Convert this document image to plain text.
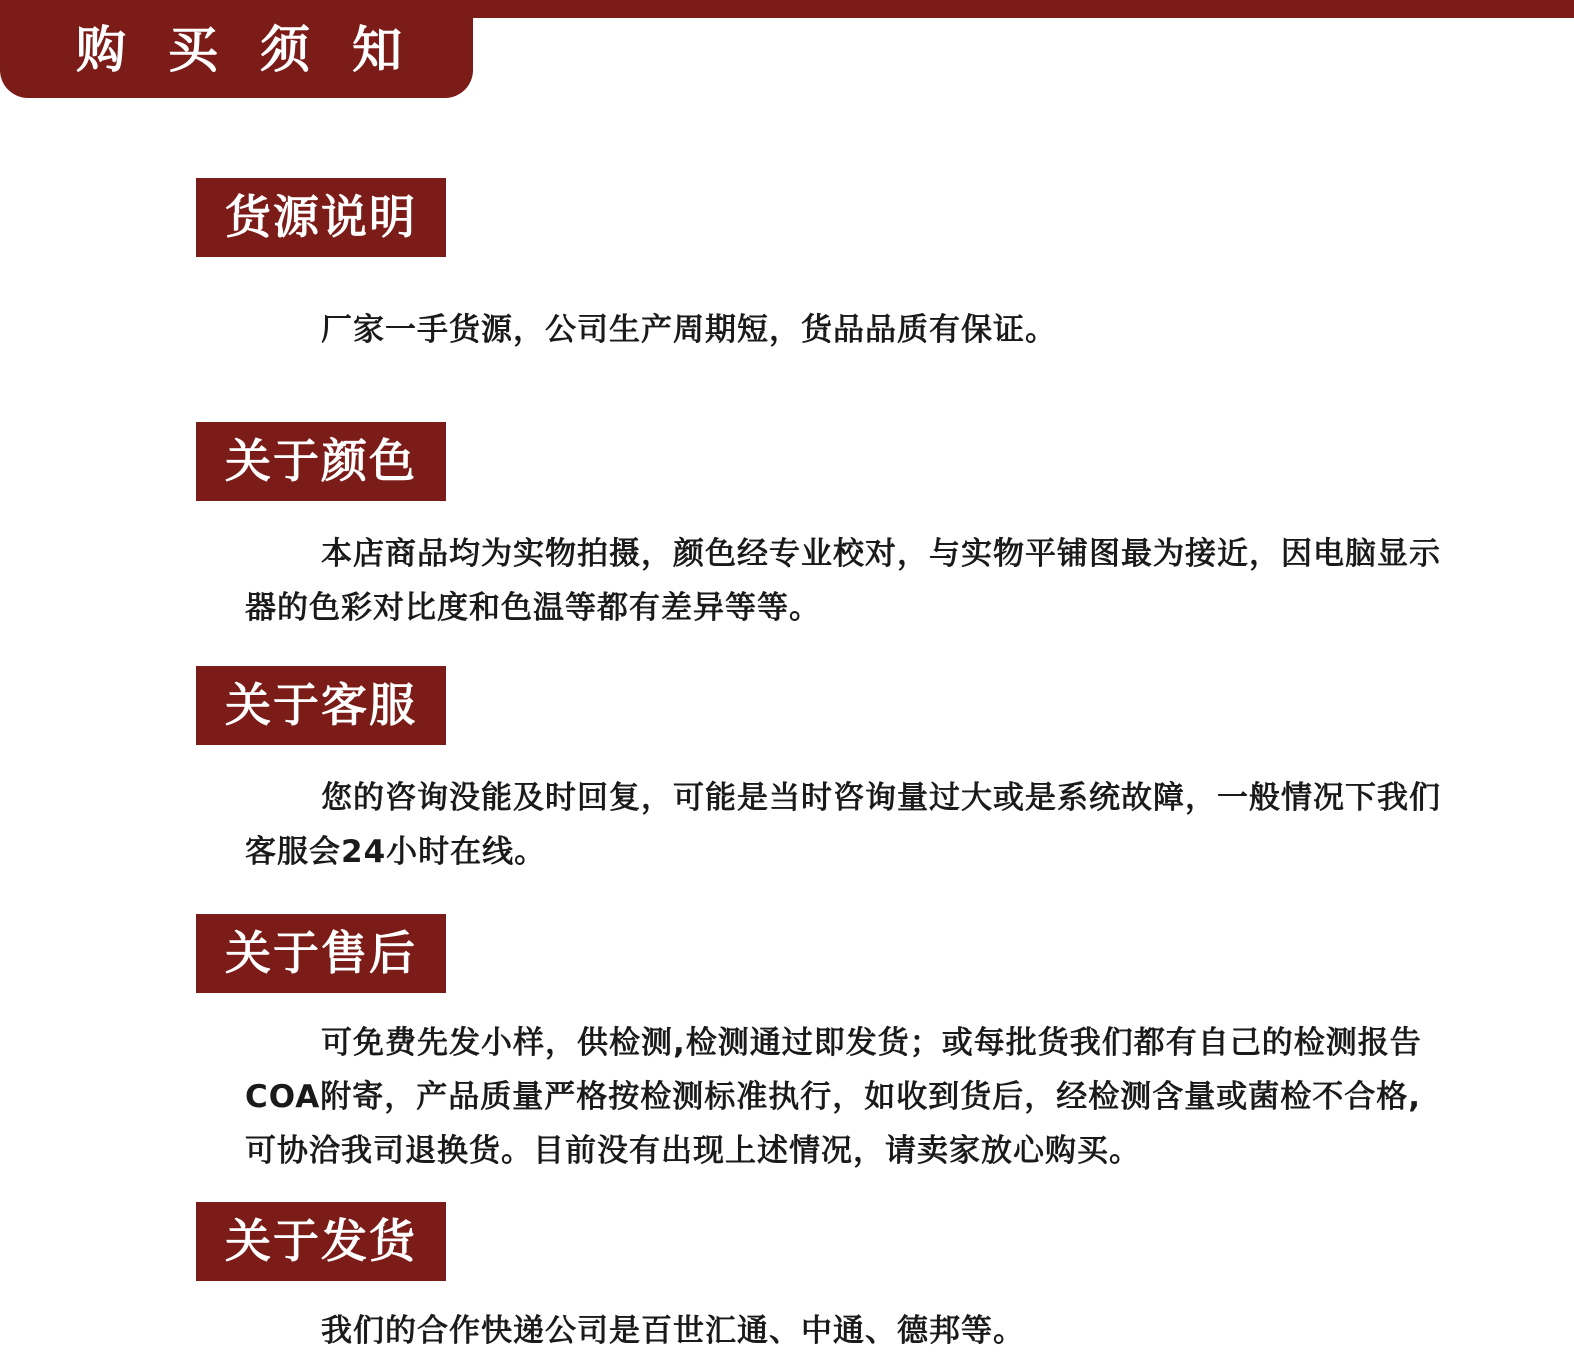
购买须知
货源说明

厂家一手货源，公司生产周期短，货品品质有保证。

关于颜色

本店商品均为实物拍摄，颜色经专业校对，与实物平铺图最为接近，因电脑显示器的色彩对比度和色温等都有差异等等。

关于客服

您的咨询没能及时回复，可能是当时咨询量过大或是系统故障，一般情况下我们客服会24小时在线。

关于售后

可免费先发小样，供检测,检测通过即发货；或每批货我们都有自己的检测报告COA附寄，产品质量严格按检测标准执行，如收到货后，经检测含量或菌检不合格,可协洽我司退换货。目前没有出现上述情况，请卖家放心购买。

关于发货

我们的合作快递公司是百世汇通、中通、德邦等。
